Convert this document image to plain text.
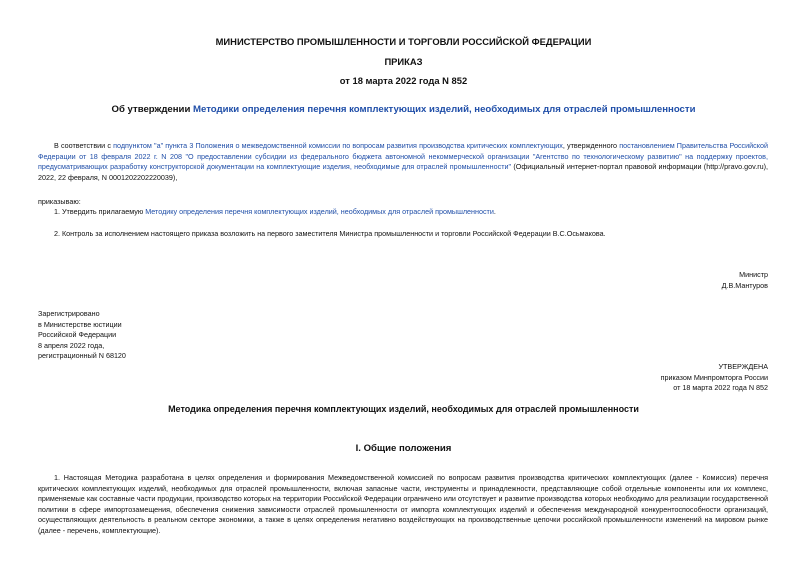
МИНИСТЕРСТВО ПРОМЫШЛЕННОСТИ И ТОРГОВЛИ РОССИЙСКОЙ ФЕДЕРАЦИИ
ПРИКАЗ
от 18 марта 2022 года N 852
Об утверждении Методики определения перечня комплектующих изделий, необходимых для отраслей промышленности
В соответствии с подпунктом "а" пункта 3 Положения о межведомственной комиссии по вопросам развития производства критических комплектующих, утвержденного постановлением Правительства Российской Федерации от 18 февраля 2022 г. N 208 "О предоставлении субсидии из федерального бюджета автономной некоммерческой организации "Агентство по технологическому развитию" на поддержку проектов, предусматривающих разработку конструкторской документации на комплектующие изделия, необходимые для отраслей промышленности" (Официальный интернет-портал правовой информации (http://pravo.gov.ru), 2022, 22 февраля, N 0001202202220039),
приказываю:
1. Утвердить прилагаемую Методику определения перечня комплектующих изделий, необходимых для отраслей промышленности.
2. Контроль за исполнением настоящего приказа возложить на первого заместителя Министра промышленности и торговли Российской Федерации В.С.Осьмакова.
Министр
Д.В.Мантуров
Зарегистрировано
в Министерстве юстиции
Российской Федерации
8 апреля 2022 года,
регистрационный N 68120
УТВЕРЖДЕНА
приказом Минпромторга России
от 18 марта 2022 года N 852
Методика определения перечня комплектующих изделий, необходимых для отраслей промышленности
I. Общие положения
1. Настоящая Методика разработана в целях определения и формирования Межведомственной комиссией по вопросам развития производства критических комплектующих (далее - Комиссия) перечня критических комплектующих изделий, необходимых для отраслей промышленности, включая запасные части, инструменты и принадлежности, представляющие собой отдельные компоненты или их комплекс, применяемые как составные части продукции, производство которых на территории Российской Федерации ограничено или отсутствует и развитие производства которых необходимо для реализации государственной политики в сфере импортозамещения, обеспечения снижения зависимости отраслей промышленности от импорта комплектующих изделий и обеспечения международной конкурентоспособности организаций, осуществляющих деятельность в реальном секторе экономики, а также в целях определения негативно воздействующих на производственные цепочки российской промышленности изменений на мировом рынке (далее - перечень, комплектующие).
